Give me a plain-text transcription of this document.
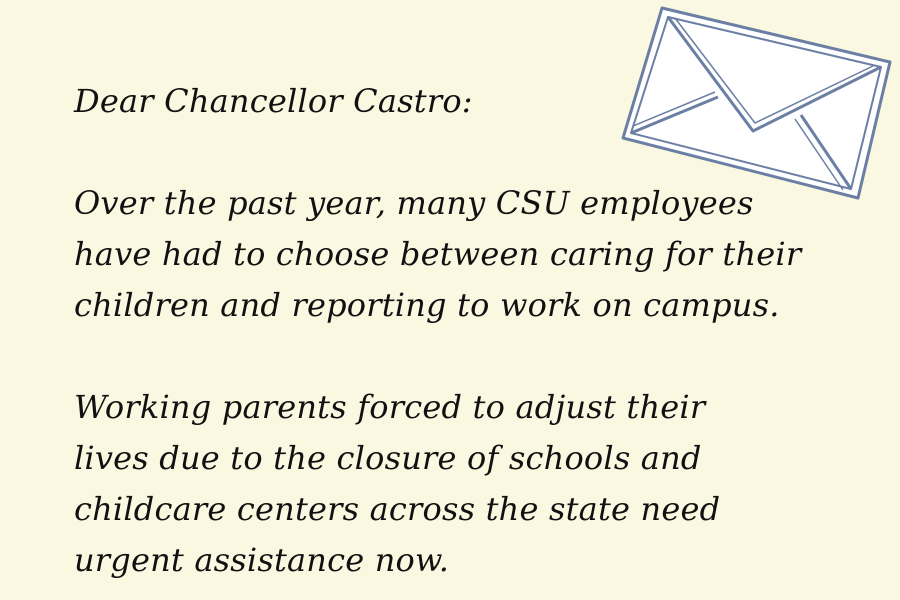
Dear Chancellor Castro:
Over the past year, many CSU employees
have had to choose between caring for their
children and reporting to work on campus.
Working parents forced to adjust their
lives due to the closure of schools and
childcare centers across the state need
urgent assistance now.
